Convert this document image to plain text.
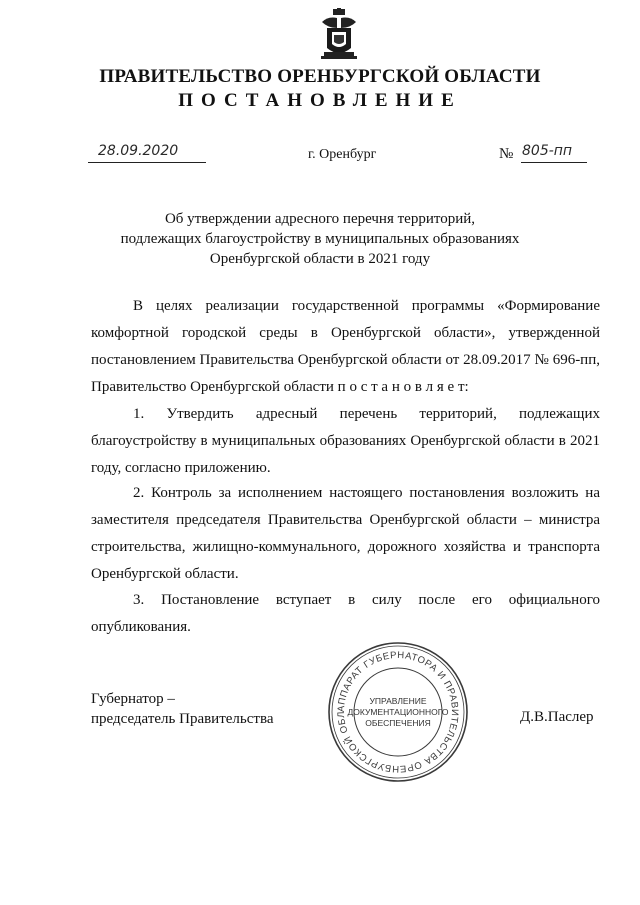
ПРАВИТЕЛЬСТВО ОРЕНБУРГСКОЙ ОБЛАСТИ
ПОСТАНОВЛЕНИЕ
28.09.2020	г. Оренбург	№ 805-пп
Об утверждении адресного перечня территорий,
подлежащих благоустройству в муниципальных образованиях
Оренбургской области в 2021 году
В целях реализации государственной программы «Формирование комфортной городской среды в Оренбургской области», утвержденной постановлением Правительства Оренбургской области от 28.09.2017 № 696-пп, Правительство Оренбургской области п о с т а н о в л я е т:
1. Утвердить адресный перечень территорий, подлежащих благоустройству в муниципальных образованиях Оренбургской области в 2021 году, согласно приложению.
2. Контроль за исполнением настоящего постановления возложить на заместителя председателя Правительства Оренбургской области – министра строительства, жилищно-коммунального, дорожного хозяйства и транспорта Оренбургской области.
3. Постановление вступает в силу после его официального опубликования.
Губернатор –
председатель Правительства	Д.В.Паслер
АППАРАТ ГУБЕРНАТОРА И ПРАВИТЕЛЬСТВА ОРЕНБУРГСКОЙ ОБЛ
УПРАВЛЕНИЕ
ДОКУМЕНТАЦИОННОГО
ОБЕСПЕЧЕНИЯ
